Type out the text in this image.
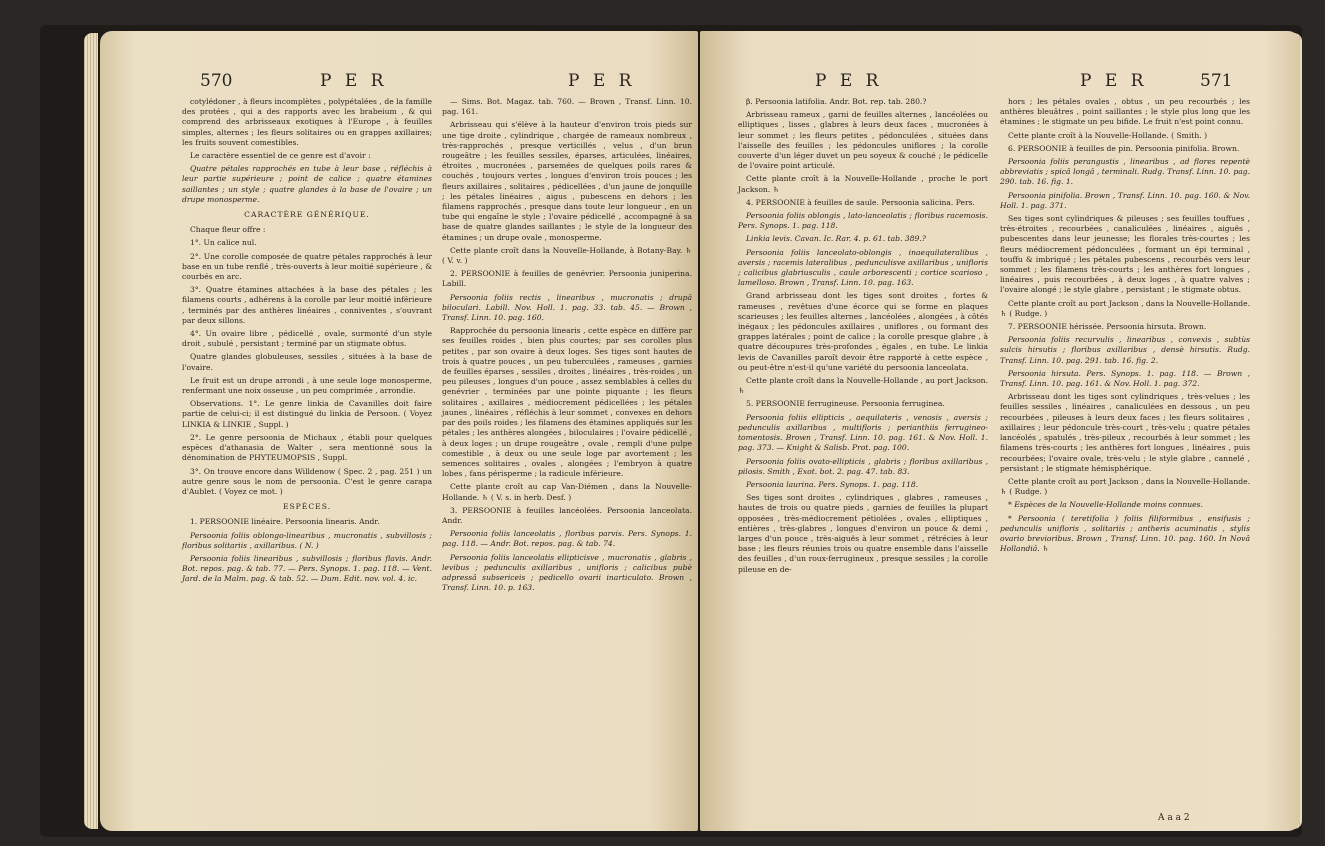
570	P E R	P E R

cotylédoner , à fleurs incomplètes , polypétalées , de la famille des protées , qui a des rapports avec les brabeium , & qui comprend des arbrisseaux exotiques à l'Europe , à feuilles simples, alternes ; les fleurs solitaires ou en grappes axillaires; les fruits souvent comestibles.

Le caractère essentiel de ce genre est d'avoir :

Quatre pétales rapprochés en tube à leur base , réfléchis à leur partie supérieure ; point de calice ; quatre étamines saillantes ; un style ; quatre glandes à la base de l'ovaire ; un drupe monosperme.

CARACTÈRE GÉNÉRIQUE.

Chaque fleur offre :

1°. Un calice nul.

2°. Une corolle composée de quatre pétales rapprochés à leur base en un tube renflé , très-ouverts à leur moitié supérieure , & courbés en arc.

3°. Quatre étamines attachées à la base des pétales ; les filamens courts , adhérens à la corolle par leur moitié inférieure , terminés par des anthères linéaires , conniventes , s'ouvrant par deux sillons.

4°. Un ovaire libre , pédicellé , ovale, surmonté d'un style droit , subulé , persistant ; terminé par un stigmate obtus.

Quatre glandes globuleuses, sessiles , situées à la base de l'ovaire.

Le fruit est un drupe arrondi , à une seule loge monosperme, renfermant une noix osseuse , un peu comprimée , arrondie.

Observations. 1°. Le genre linkia de Cavanilles doit faire partie de celui-ci; il est distingué du linkia de Persoon. ( Voyez LINKIA & LINKIE , Suppl. )

2°. Le genre persoonia de Michaux , établi pour quelques espèces d'athanasia de Walter , sera mentionné sous la dénomination de PHYTEUMOPSIS , Suppl.

3°. On trouve encore dans Willdenow ( Spec. 2 , pag. 251 ) un autre genre sous le nom de persoonia. C'est le genre carapa d'Aublet. ( Voyez ce mot. )

ESPÈCES.

1. PERSOONIE linéaire. Persoonia linearis. Andr.

Persoonia foliis oblongo-linearibus , mucronatis , subvillosis ; floribus solitariis , axillaribus. ( N. )

Persoonia foliis linearibus , subvillosis ; floribus flavis. Andr. Bot. repos. pag. & tab. 77. — Pers. Synops. 1. pag. 118. — Vent. Jard. de la Malm. pag. & tab. 52. — Dum. Edit. nov. vol. 4. ic.

— Sims. Bot. Magaz. tab. 760. — Brown , Transf. Linn. 10. pag. 161.

Arbrisseau qui s'élève à la hauteur d'environ trois pieds sur une tige droite , cylindrique , chargée de rameaux nombreux , très-rapprochés , presque verticillés , velus , d'un brun rougeâtre ; les feuilles sessiles, éparses, articulées, linéaires, étroites , mucronées , parsemées de quelques poils rares & couchés , toujours vertes , longues d'environ trois pouces ; les fleurs axillaires , solitaires , pédicellées , d'un jaune de jonquille ; les pétales linéaires , aigus , pubescens en dehors ; les filamens rapprochés , presque dans toute leur longueur , en un tube qui engaîne le style ; l'ovaire pédicellé , accompagné à sa base de quatre glandes saillantes ; le style de la longueur des étamines ; un drupe ovale , monosperme.

Cette plante croît dans la Nouvelle-Hollande, à Botany-Bay. ♄ ( V. v. )

2. PERSOONIE à feuilles de genévrier. Persoonia juniperina. Labill.

Persoonia foliis rectis , linearibus , mucronatis ; drupâ biloculari. Labill. Nov. Holl. 1. pag. 33. tab. 45. — Brown , Transf. Linn. 10. pag. 160.

Rapprochée du persoonia linearis , cette espèce en diffère par ses feuilles roides , bien plus courtes; par ses corolles plus petites , par son ovaire à deux loges. Ses tiges sont hautes de trois à quatre pouces , un peu tuberculées , rameuses , garnies de feuilles éparses , sessiles , droites , linéaires , très-roides , un peu pileuses , longues d'un pouce , assez semblables à celles du genévrier , terminées par une pointe piquante ; les fleurs solitaires , axillaires , médiocrement pédicellées ; les pétales jaunes , linéaires , réfléchis à leur sommet , convexes en dehors par des poils roides ; les filamens des étamines appliqués sur les pétales ; les anthères alongées , biloculaires ; l'ovaire pédicellé , à deux loges ; un drupe rougeâtre , ovale , rempli d'une pulpe comestible , à deux ou une seule loge par avortement ; les semences solitaires , ovales , alongées ; l'embryon à quatre lobes , fans périsperme ; la radicule inférieure.

Cette plante croît au cap Van-Diémen , dans la Nouvelle-Hollande. ♄ ( V. s. in herb. Desf. )

3. PERSOONIE à feuilles lancéolées. Persoonia lanceolata. Andr.

Persoonia foliis lanceolatis , floribus parvis. Pers. Synops. 1. pag. 118. — Andr. Bot. repos. pag. & tab. 74.

Persoonia foliis lanceolatis ellipticisve , mucronatis , glabris , levibus ; pedunculis axillaribus , unifloris ; calicibus pubè adpressâ subsericeis ; pedicello ovarii inarticulato. Brown , Transf. Linn. 10. p. 163.

P E R	P E R	571

β. Persoonia latifolia. Andr. Bot. rep. tab. 280.?

Arbrisseau rameux , garni de feuilles alternes , lancéolées ou elliptiques , lisses , glabres à leurs deux faces , mucronées à leur sommet ; les fleurs petites , pédonculées , situées dans l'aisselle des feuilles ; les pédoncules uniflores ; la corolle couverte d'un léger duvet un peu soyeux & couché ; le pédicelle de l'ovaire point articulé.

Cette plante croît à la Nouvelle-Hollande , proche le port Jackson. ♄

4. PERSOONIE à feuilles de saule. Persoonia salicina. Pers.

Persoonia foliis oblongis , lato-lanceolatis ; floribus racemosis. Pers. Synops. 1. pag. 118.

Linkia levis. Cavan. Ic. Rar. 4. p. 61. tab. 389.?

Persoonia foliis lanceolato-oblongis , inaequilateralibus , aversis ; racemis lateralibus , pedunculisve axillaribus , unifloris ; calicibus glabriusculis , caule arborescenti ; cortice scarioso , lamelloso. Brown , Transf. Linn. 10. pag. 163.

Grand arbrisseau dont les tiges sont droites , fortes & rameuses , revêtues d'une écorce qui se forme en plaques scarieuses ; les feuilles alternes , lancéolées , alongées , à côtés inégaux ; les pédoncules axillaires , uniflores , ou formant des grappes latérales ; point de calice ; la corolle presque glabre , à quatre découpures très-profondes , égales , en tube. Le linkia levis de Cavanilles paroît devoir être rapporté à cette espèce , ou peut-être n'est-il qu'une variété du persoonia lanceolata.

Cette plante croît dans la Nouvelle-Hollande , au port Jackson. ♄

5. PERSOONIE ferrugineuse. Persoonia ferruginea.

Persoonia foliis ellipticis , aequilateris , venosis , aversis ; pedunculis axillaribus , multifloris ; perianthiis ferrugineo-tomentosis. Brown , Transf. Linn. 10. pag. 161. & Nov. Holl. 1. pag. 373. — Knight & Salisb. Prot. pag. 100.

Persoonia foliis ovato-ellipticis , glabris ; floribus axillaribus , pilosis. Smith , Exot. bot. 2. pag. 47. tab. 83.

Persoonia laurina. Pers. Synops. 1. pag. 118.

Ses tiges sont droites , cylindriques , glabres , rameuses , hautes de trois ou quatre pieds , garnies de feuilles la plupart opposées , très-médiocrement pétiolées , ovales , elliptiques , entières , très-glabres , longues d'environ un pouce & demi , larges d'un pouce , très-aiguës à leur sommet , rétrécies à leur base ; les fleurs réunies trois ou quatre ensemble dans l'aisselle des feuilles , d'un roux-ferrugineux , presque sessiles ; la corolle pileuse en de-

hors ; les pétales ovales , obtus , un peu recourbés ; les anthères bleuâtres , point saillantes ; le style plus long que les étamines ; le stigmate un peu bifide. Le fruit n'est point connu.

Cette plante croît à la Nouvelle-Hollande. ( Smith. )

6. PERSOONIE à feuilles de pin. Persoonia pinifolia. Brown.

Persoonia foliis perangustis , linearibus , ad flores repentè abbreviatis ; spicâ longâ , terminali. Rudg. Transf. Linn. 10. pag. 290. tab. 16. fig. 1.

Persoonia pinifolia. Brown , Transf. Linn. 10. pag. 160. & Nov. Holl. 1. pag. 371.

Ses tiges sont cylindriques & pileuses ; ses feuilles touffues , très-étroites , recourbées , canaliculées , linéaires , aiguës , pubescentes dans leur jeunesse; les florales très-courtes ; les fleurs médiocrement pédonculées , formant un épi terminal , touffu & imbriqué ; les pétales pubescens , recourbés vers leur sommet ; les filamens très-courts ; les anthères fort longues , linéaires , puis recourbées , à deux loges , à quatre valves ; l'ovaire alongé ; le style glabre , persistant ; le stigmate obtus.

Cette plante croît au port Jackson , dans la Nouvelle-Hollande. ♄ ( Rudge. )

7. PERSOONIE hérissée. Persoonia hirsuta. Brown.

Persoonia foliis recurvulis , linearibus , convexis , subtùs sulcis hirsutis ; floribus axillaribus , densè hirsutis. Rudg. Transf. Linn. 10. pag. 291. tab. 16. fig. 2.

Persoonia hirsuta. Pers. Synops. 1. pag. 118. — Brown , Transf. Linn. 10. pag. 161. & Nov. Holl. 1. pag. 372.

Arbrisseau dont les tiges sont cylindriques , très-velues ; les feuilles sessiles , linéaires , canaliculées en dessous , un peu recourbées , pileuses à leurs deux faces ; les fleurs solitaires , axillaires ; leur pédoncule très-court , très-velu ; quatre pétales lancéolés , spatulés , très-pileux , recourbés à leur sommet ; les filamens très-courts ; les anthères fort longues , linéaires , puis recourbées; l'ovaire ovale, très-velu ; le style glabre , cannelé , persistant ; le stigmate hémisphérique.

Cette plante croît au port Jackson , dans la Nouvelle-Hollande. ♄ ( Rudge. )

* Espèces de la Nouvelle-Hollande moins connues.

* Persoonia ( teretifolia ) foliis filiformibus , ensifusis ; pedunculis unifloris , solitariis ; antheris acuminatis , stylis ovario brevioribus. Brown , Transf. Linn. 10. pag. 160. In Novâ Hollandiâ. ♄

A a a 2
